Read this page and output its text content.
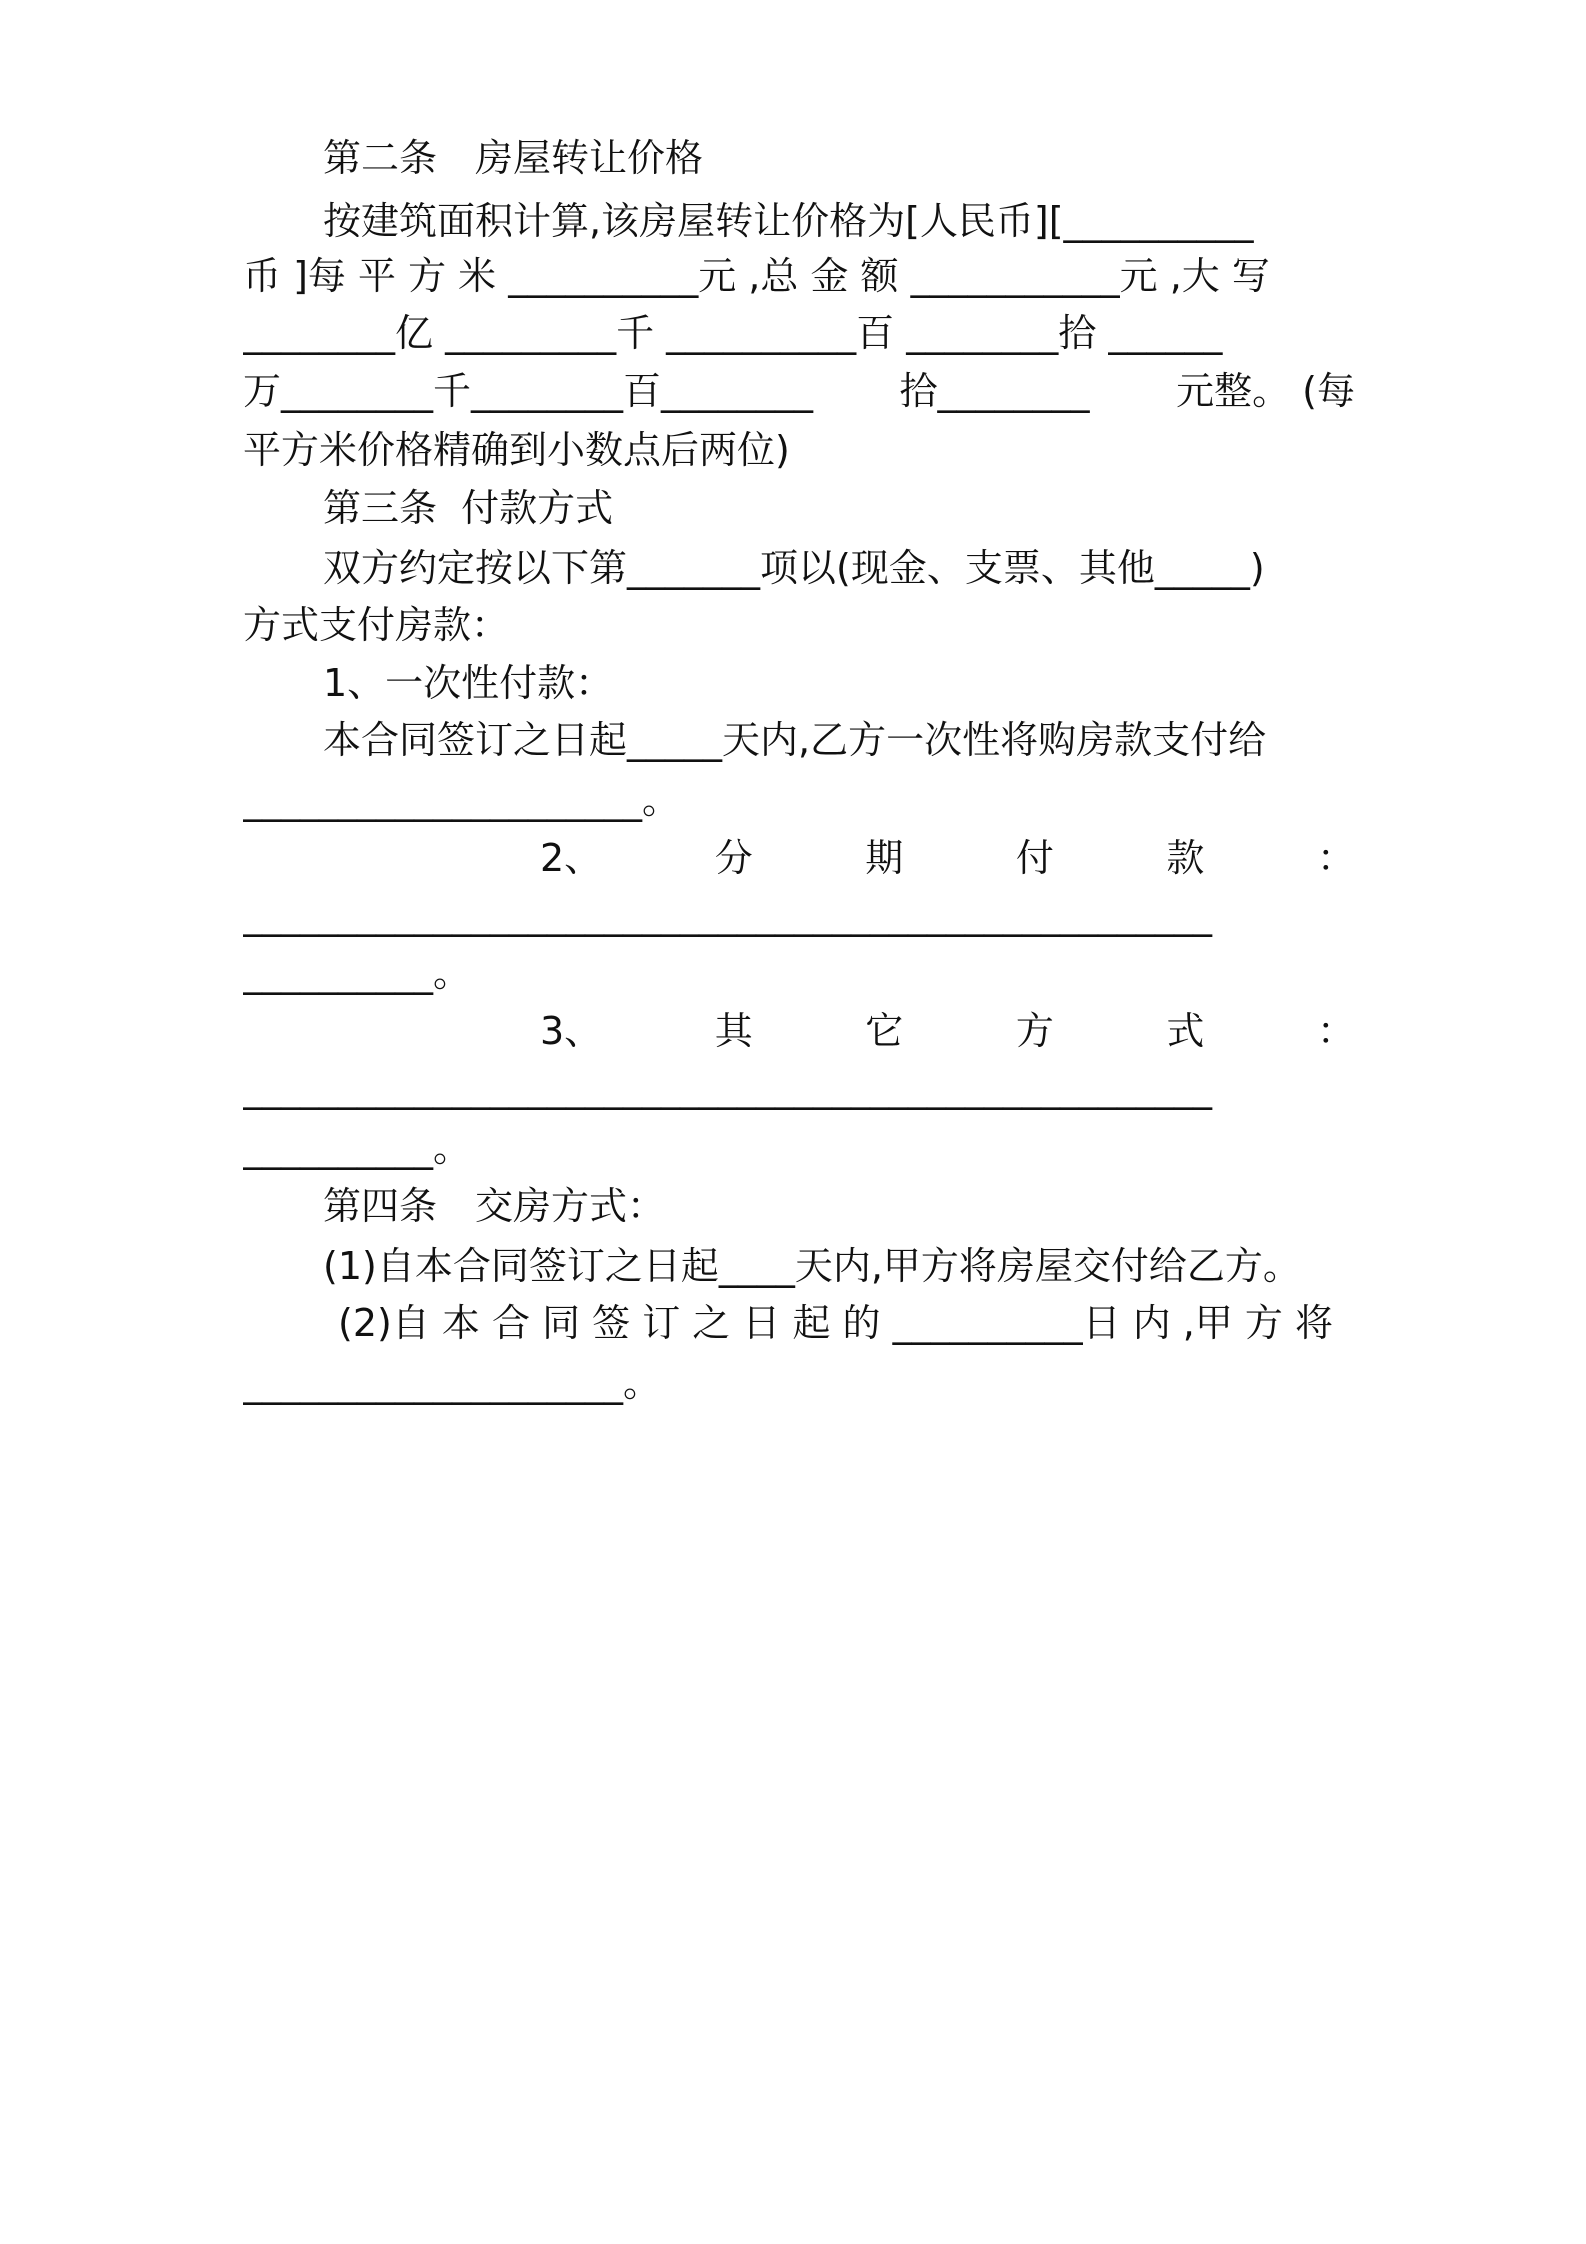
第二条　房屋转让价格
按建筑面积计算,该房屋转让价格为[人民币][__________
币 ]每 平 方 米 __________元 ,总 金 额 ___________元 ,大 写
________亿 _________千 __________百 ________拾 ______
万________千________百________ 拾________ 元整。 (每
平方米价格精确到小数点后两位)
第三条  付款方式
双方约定按以下第_______项以(现金、支票、其他_____)
方式支付房款：
1、一次性付款：
本合同签订之日起_____天内,乙方一次性将购房款支付给
_____________________。
2、	分	期	付	款	：
___________________________________________________
__________。
3、	其	它	方	式	：
___________________________________________________
__________。
第四条　交房方式：
(1)自本合同签订之日起____天内,甲方将房屋交付给乙方。
(2)自 本 合 同 签 订 之 日 起 的 __________日 内 ,甲 方 将
____________________。
